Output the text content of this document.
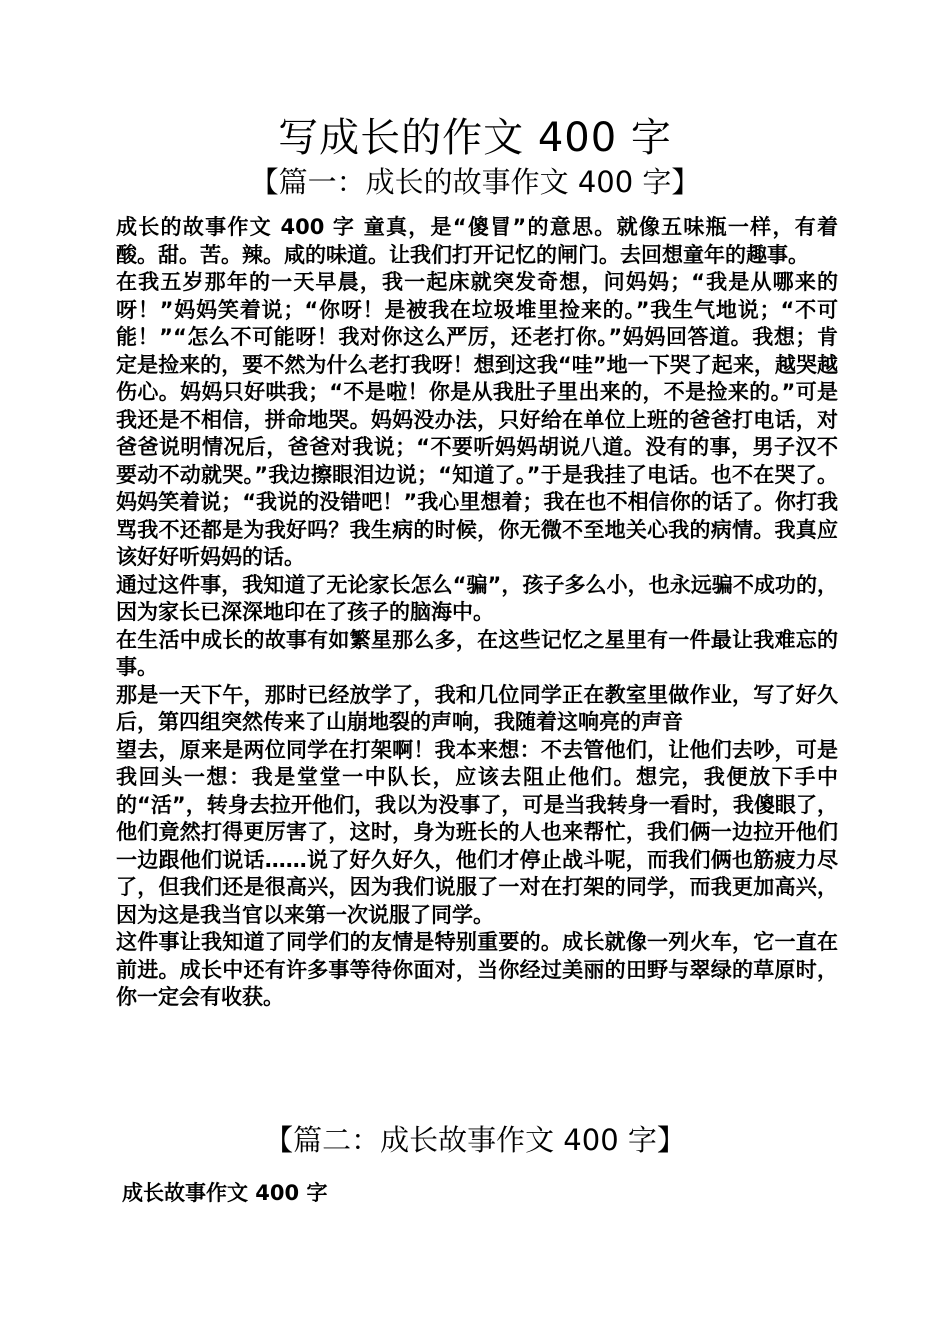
写成长的作文 400 字
【篇一：成长的故事作文 400 字】

成长的故事作文 400 字 童真，是“傻冒”的意思。就像五味瓶一样，有着酸。甜。苦。辣。咸的味道。让我们打开记忆的闸门。去回想童年的趣事。

在我五岁那年的一天早晨，我一起床就突发奇想，问妈妈；“我是从哪来的呀！”妈妈笑着说；“你呀！是被我在垃圾堆里捡来的。”我生气地说；“不可能！”“怎么不可能呀！我对你这么严厉，还老打你。”妈妈回答道。我想；肯定是捡来的，要不然为什么老打我呀！想到这我“哇”地一下哭了起来，越哭越伤心。妈妈只好哄我；“不是啦！你是从我肚子里出来的，不是捡来的。”可是我还是不相信，拼命地哭。妈妈没办法，只好给在单位上班的爸爸打电话，对爸爸说明情况后，爸爸对我说；“不要听妈妈胡说八道。没有的事，男子汉不要动不动就哭。”我边擦眼泪边说；“知道了。”于是我挂了电话。也不在哭了。妈妈笑着说；“我说的没错吧！”我心里想着；我在也不相信你的话了。你打我骂我不还都是为我好吗？我生病的时候，你无微不至地关心我的病情。我真应该好好听妈妈的话。

通过这件事，我知道了无论家长怎么“骗”，孩子多么小，也永远骗不成功的，因为家长已深深地印在了孩子的脑海中。

在生活中成长的故事有如繁星那么多，在这些记忆之星里有一件最让我难忘的事。

那是一天下午，那时已经放学了，我和几位同学正在教室里做作业，写了好久后，第四组突然传来了山崩地裂的声响，我随着这响亮的声音

望去，原来是两位同学在打架啊！我本来想：不去管他们，让他们去吵，可是我回头一想：我是堂堂一中队长，应该去阻止他们。想完，我便放下手中的“活”，转身去拉开他们，我以为没事了，可是当我转身一看时，我傻眼了，他们竟然打得更厉害了，这时，身为班长的人也来帮忙，我们俩一边拉开他们一边跟他们说话……说了好久好久，他们才停止战斗呢，而我们俩也筋疲力尽了，但我们还是很高兴，因为我们说服了一对在打架的同学，而我更加高兴，因为这是我当官以来第一次说服了同学。

这件事让我知道了同学们的友情是特别重要的。成长就像一列火车，它一直在前进。成长中还有许多事等待你面对，当你经过美丽的田野与翠绿的草原时，你一定会有收获。

【篇二：成长故事作文 400 字】
成长故事作文 400 字
